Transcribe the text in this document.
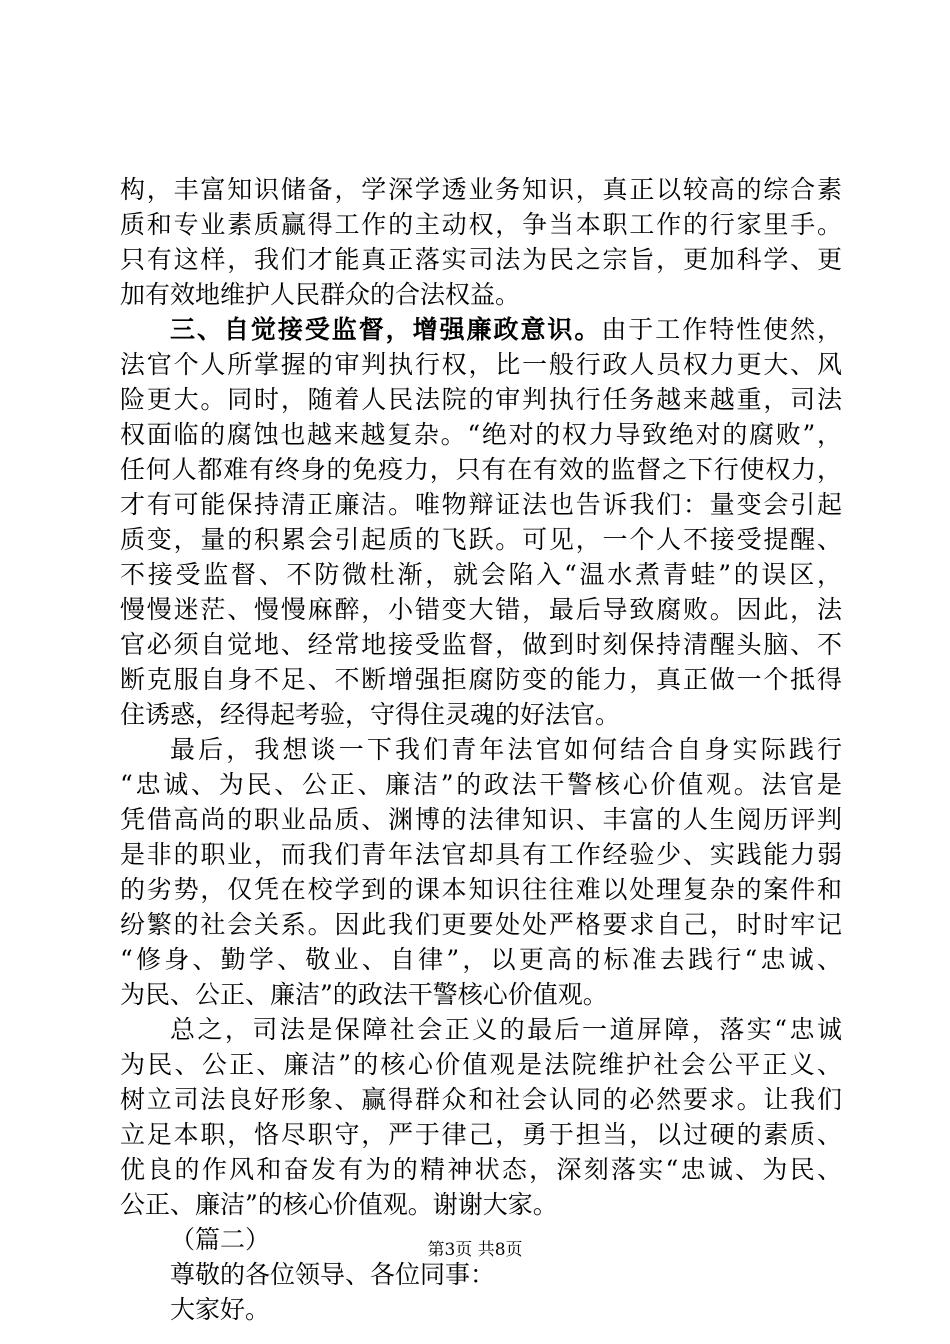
构，丰富知识储备，学深学透业务知识，真正以较高的综合素
质和专业素质赢得工作的主动权，争当本职工作的行家里手。
只有这样，我们才能真正落实司法为民之宗旨，更加科学、更
加有效地维护人民群众的合法权益。
三、自觉接受监督，增强廉政意识。由于工作特性使然，
法官个人所掌握的审判执行权，比一般行政人员权力更大、风
险更大。同时，随着人民法院的审判执行任务越来越重，司法
权面临的腐蚀也越来越复杂。“绝对的权力导致绝对的腐败”，
任何人都难有终身的免疫力，只有在有效的监督之下行使权力，
才有可能保持清正廉洁。唯物辩证法也告诉我们：量变会引起
质变，量的积累会引起质的飞跃。可见，一个人不接受提醒、
不接受监督、不防微杜渐，就会陷入“温水煮青蛙”的误区，
慢慢迷茫、慢慢麻醉，小错变大错，最后导致腐败。因此，法
官必须自觉地、经常地接受监督，做到时刻保持清醒头脑、不
断克服自身不足、不断增强拒腐防变的能力，真正做一个抵得
住诱惑，经得起考验，守得住灵魂的好法官。
最后，我想谈一下我们青年法官如何结合自身实际践行
“忠诚、为民、公正、廉洁”的政法干警核心价值观。法官是
凭借高尚的职业品质、渊博的法律知识、丰富的人生阅历评判
是非的职业，而我们青年法官却具有工作经验少、实践能力弱
的劣势，仅凭在校学到的课本知识往往难以处理复杂的案件和
纷繁的社会关系。因此我们更要处处严格要求自己，时时牢记
“修身、勤学、敬业、自律”，以更高的标准去践行“忠诚、
为民、公正、廉洁”的政法干警核心价值观。
总之，司法是保障社会正义的最后一道屏障，落实“忠诚
为民、公正、廉洁”的核心价值观是法院维护社会公平正义、
树立司法良好形象、赢得群众和社会认同的必然要求。让我们
立足本职，恪尽职守，严于律己，勇于担当，以过硬的素质、
优良的作风和奋发有为的精神状态，深刻落实“忠诚、为民、
公正、廉洁”的核心价值观。谢谢大家。
（篇二）
尊敬的各位领导、各位同事：
大家好。
第3页 共8页
